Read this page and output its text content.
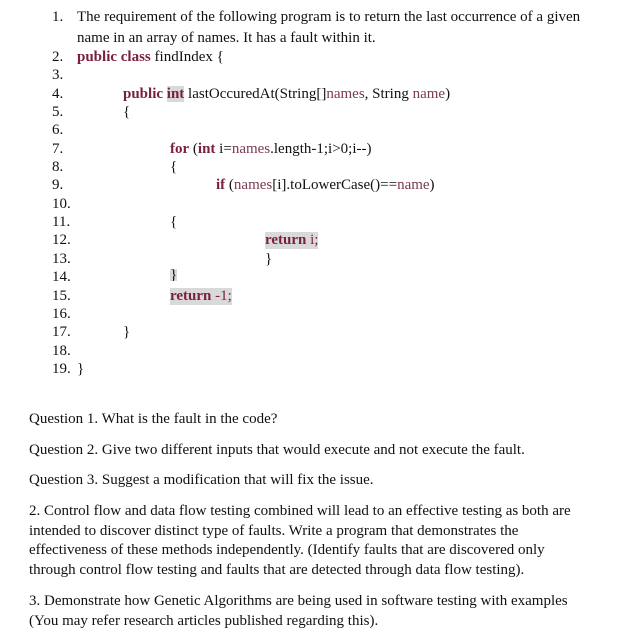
1. The requirement of the following program is to return the last occurrence of a given
name in an array of names. It has a fault within it.
2.
3.
4.
5.
6.
7.
8.
9.
10.
11.
12.
13.
14.
15.
16.
17.
18.
19.
public class findIndex {
public int lastOccuredAt(String[]names, String name)
{
for (int i=names.length-1;i>0;i--)
{
if (names[i].toLowerCase()==name)
{
return i;
}
}
return -1;
}
}
Question 1. What is the fault in the code?
Question 2. Give two different inputs that would execute and not execute the fault.
Question 3. Suggest a modification that will fix the issue.
2. Control flow and data flow testing combined will lead to an effective testing as both are
intended to discover distinct type of faults. Write a program that demonstrates the
effectiveness of these methods independently. (Identify faults that are discovered only
through control flow testing and faults that are detected through data flow testing).
3. Demonstrate how Genetic Algorithms are being used in software testing with examples
(You may refer research articles published regarding this).
